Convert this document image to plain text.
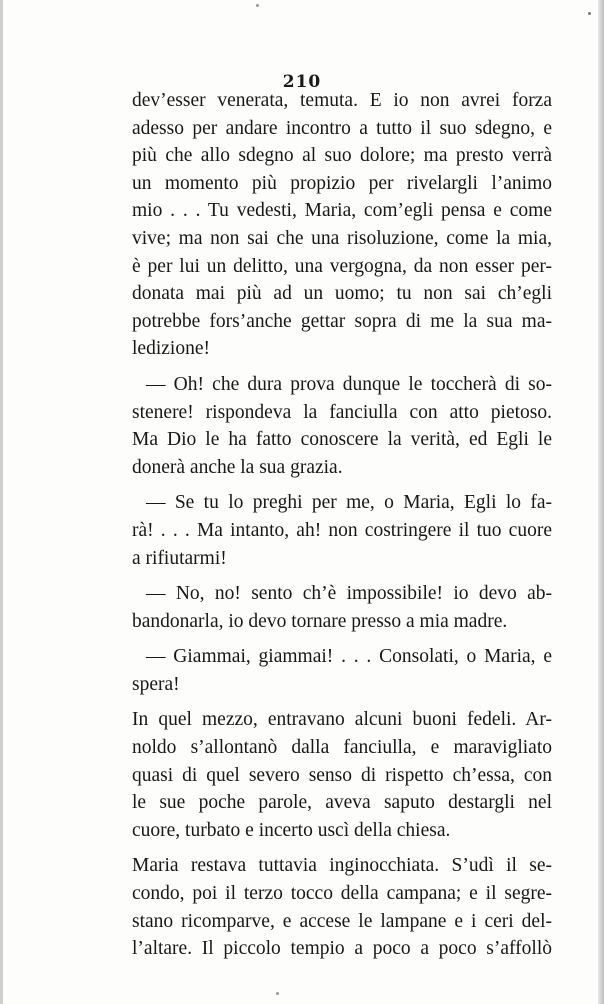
210
dev’esser venerata, temuta. E io non avrei forza
adesso per andare incontro a tutto il suo sdegno, e
più che allo sdegno al suo dolore; ma presto verrà
un momento più propizio per rivelargli l’animo
mio . . . Tu vedesti, Maria, com’egli pensa e come
vive; ma non sai che una risoluzione, come la mia,
è per lui un delitto, una vergogna, da non esser per-
donata mai più ad un uomo; tu non sai ch’egli
potrebbe fors’anche gettar sopra di me la sua ma-
ledizione!
— Oh! che dura prova dunque le toccherà di so-
stenere! rispondeva la fanciulla con atto pietoso.
Ma Dio le ha fatto conoscere la verità, ed Egli le
donerà anche la sua grazia.
— Se tu lo preghi per me, o Maria, Egli lo fa-
rà! . . . Ma intanto, ah! non costringere il tuo cuore
a rifiutarmi!
— No, no! sento ch’è impossibile! io devo ab-
bandonarla, io devo tornare presso a mia madre.
— Giammai, giammai! . . . Consolati, o Maria, e
spera!
In quel mezzo, entravano alcuni buoni fedeli. Ar-
noldo s’allontanò dalla fanciulla, e maravigliato
quasi di quel severo senso di rispetto ch’essa, con
le sue poche parole, aveva saputo destargli nel
cuore, turbato e incerto uscì della chiesa.
Maria restava tuttavia inginocchiata. S’udì il se-
condo, poi il terzo tocco della campana; e il segre-
stano ricomparve, e accese le lampane e i ceri del-
l’altare. Il piccolo tempio a poco a poco s’affollò
